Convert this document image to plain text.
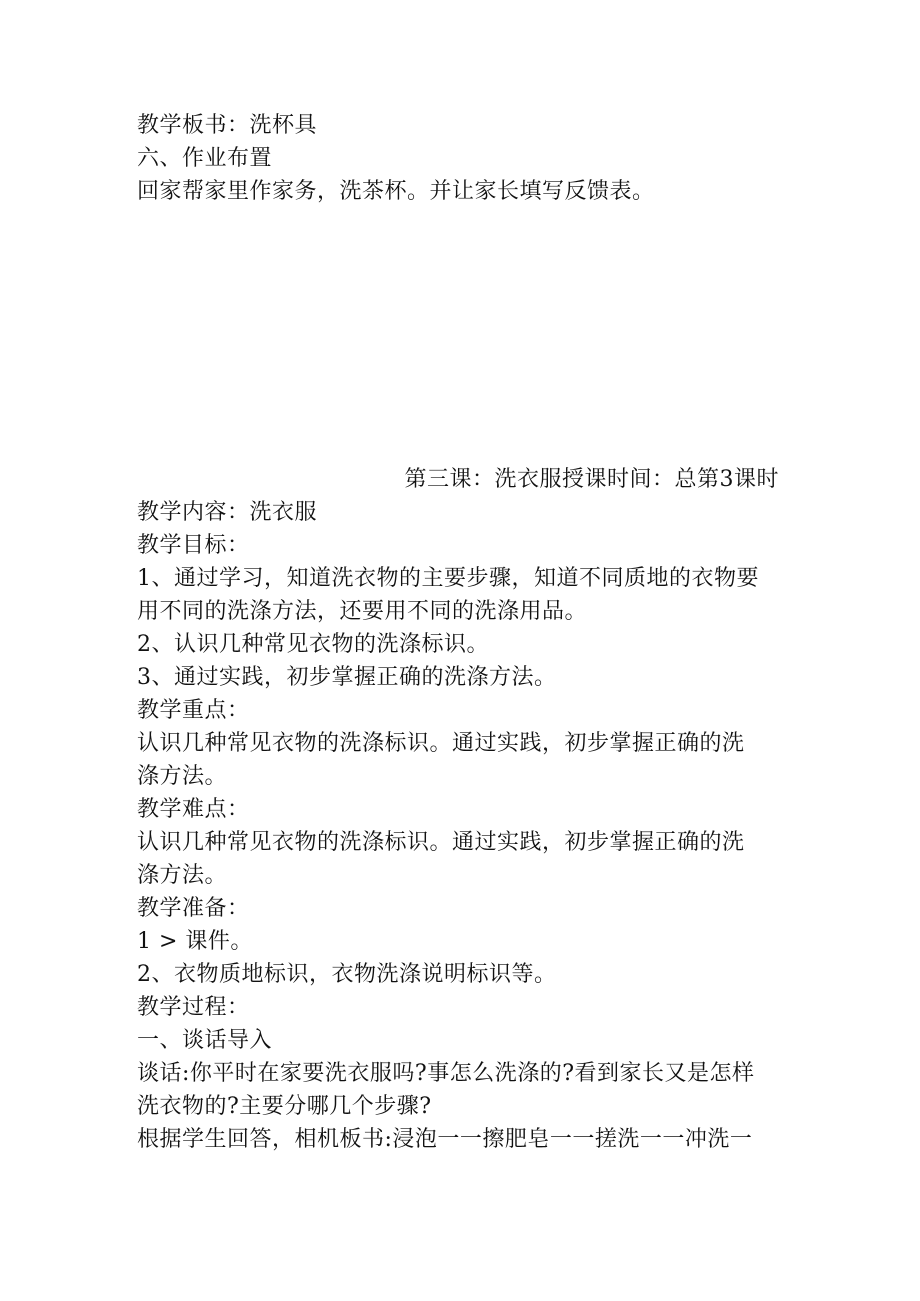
教学板书：洗杯具

六、作业布置

回家帮家里作家务，洗茶杯。并让家长填写反馈表。

第三课：洗衣服授课时间：总第3课时

教学内容：洗衣服

教学目标：

1、通过学习，知道洗衣物的主要步骤，知道不同质地的衣物要

用不同的洗涤方法，还要用不同的洗涤用品。

2、认识几种常见衣物的洗涤标识。

3、通过实践，初步掌握正确的洗涤方法。

教学重点：

认识几种常见衣物的洗涤标识。通过实践，初步掌握正确的洗

涤方法。

教学难点：

认识几种常见衣物的洗涤标识。通过实践，初步掌握正确的洗

涤方法。

教学准备：

1 > 课件。

2、衣物质地标识，衣物洗涤说明标识等。

教学过程：

一、谈话导入

谈话:你平时在家要洗衣服吗?事怎么洗涤的?看到家长又是怎样

洗衣物的?主要分哪几个步骤?

根据学生回答，相机板书:浸泡一一擦肥皂一一搓洗一一冲洗一
